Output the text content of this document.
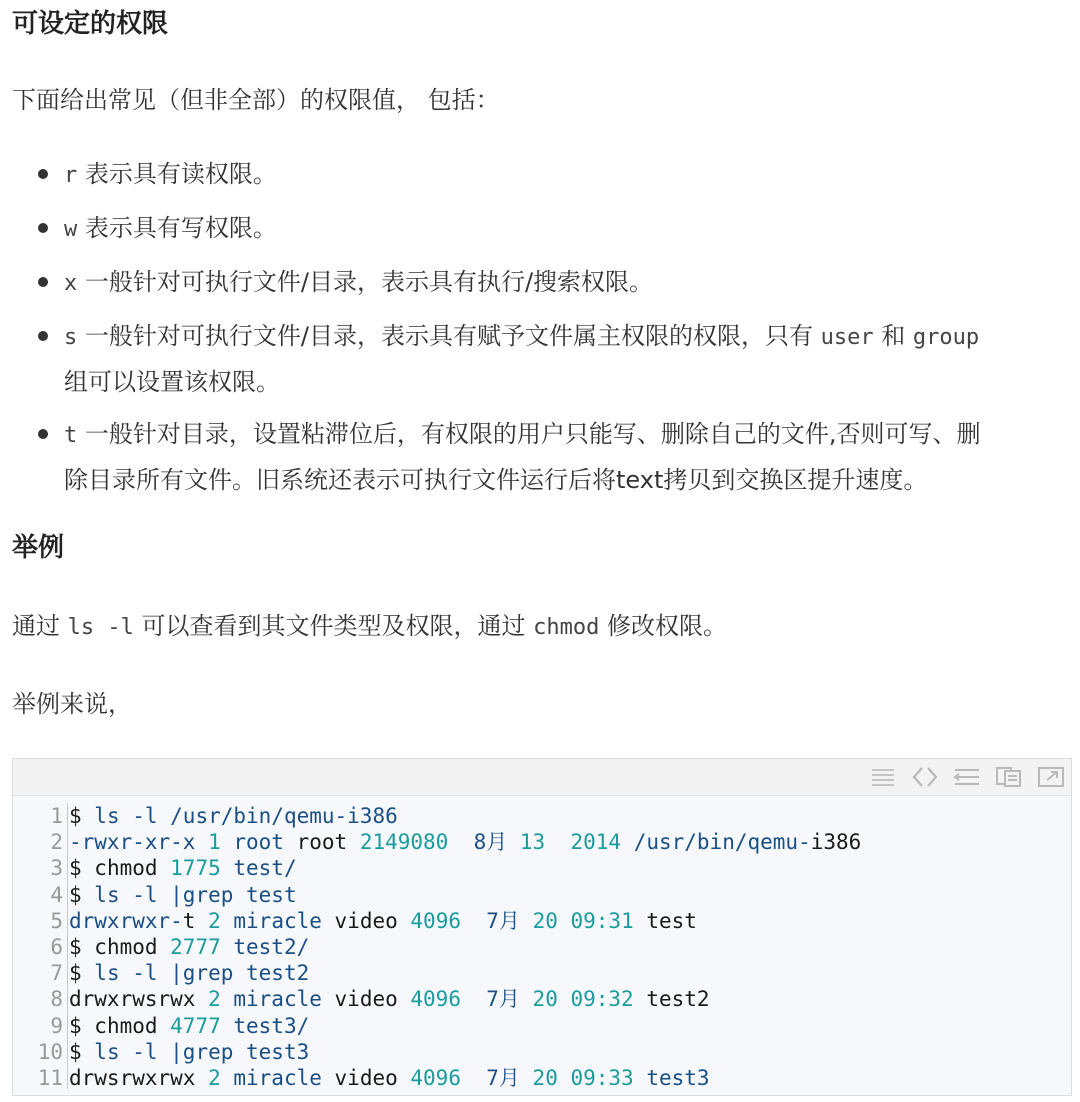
可设定的权限

下面给出常见（但非全部）的权限值， 包括：

r 表示具有读权限。
w 表示具有写权限。
x 一般针对可执行文件/目录，表示具有执行/搜索权限。
s 一般针对可执行文件/目录，表示具有赋予文件属主权限的权限，只有 user 和 group
组可以设置该权限。
t 一般针对目录，设置粘滞位后，有权限的用户只能写、删除自己的文件,否则可写、删
除目录所有文件。旧系统还表示可执行文件运行后将text拷贝到交换区提升速度。
举例

通过 ls -l 可以查看到其文件类型及权限，通过 chmod 修改权限。

举例来说，

1
2
3
4
5
6
7
8
9
10
11
$ ls -l /usr/bin/qemu-i386
-rwxr-xr-x 1 root root 2149080  8月 13  2014 /usr/bin/qemu-i386
$ chmod 1775 test/
$ ls -l |grep test
drwxrwxr-t 2 miracle video 4096  7月 20 09:31 test
$ chmod 2777 test2/
$ ls -l |grep test2
drwxrwsrwx 2 miracle video 4096  7月 20 09:32 test2
$ chmod 4777 test3/
$ ls -l |grep test3
drwsrwxrwx 2 miracle video 4096  7月 20 09:33 test3
